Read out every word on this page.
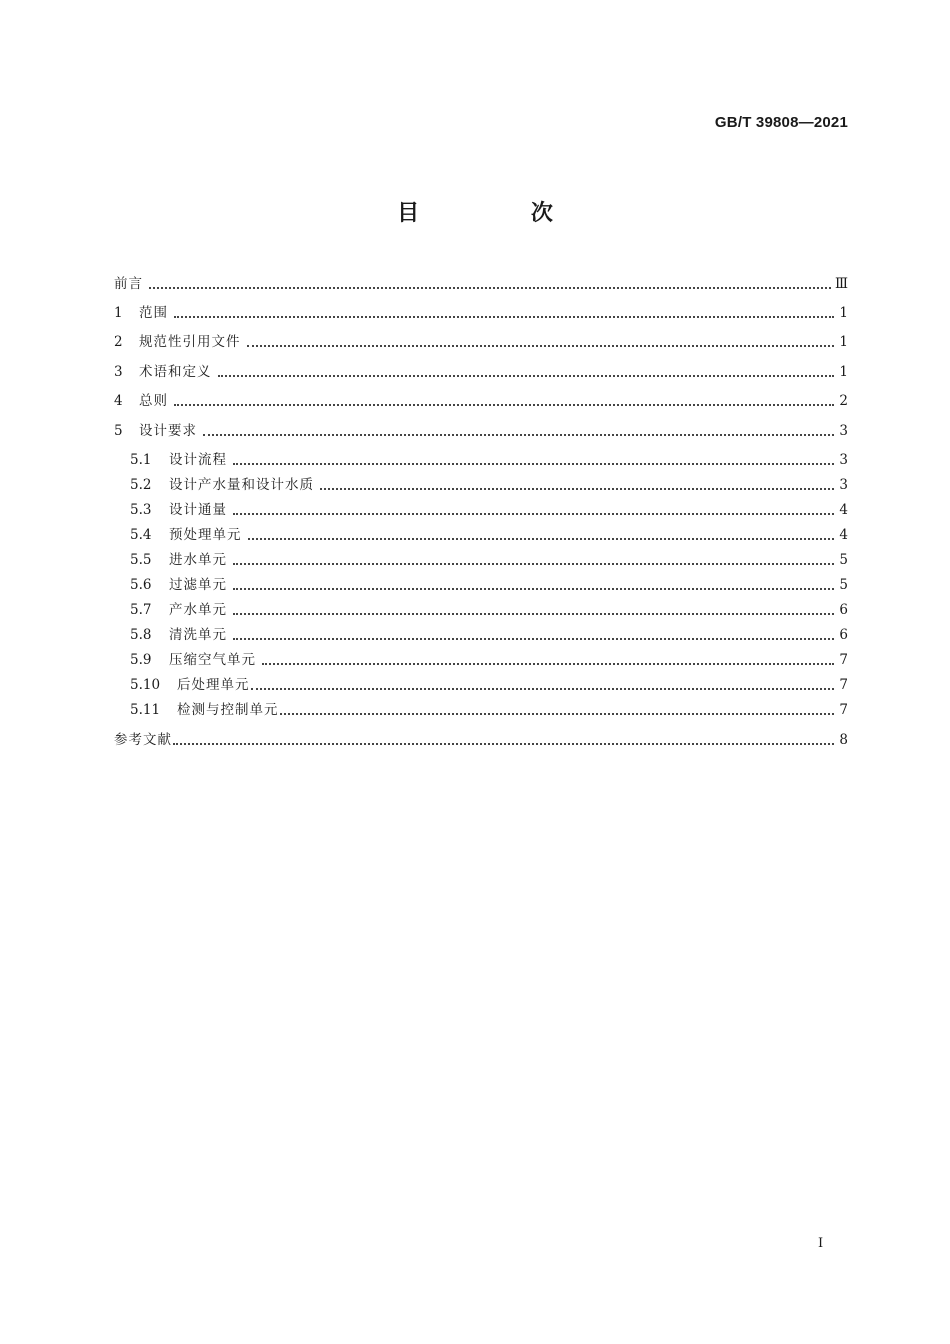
GB/T 39808—2021
目 次
前言	Ⅲ
1	范围	1
2	规范性引用文件	1
3	术语和定义	1
4	总则	2
5	设计要求	3
5.1	设计流程	3
5.2	设计产水量和设计水质	3
5.3	设计通量	4
5.4	预处理单元	4
5.5	进水单元	5
5.6	过滤单元	5
5.7	产水单元	6
5.8	清洗单元	6
5.9	压缩空气单元	7
5.10	后处理单元	7
5.11	检测与控制单元	7
参考文献	8
I
